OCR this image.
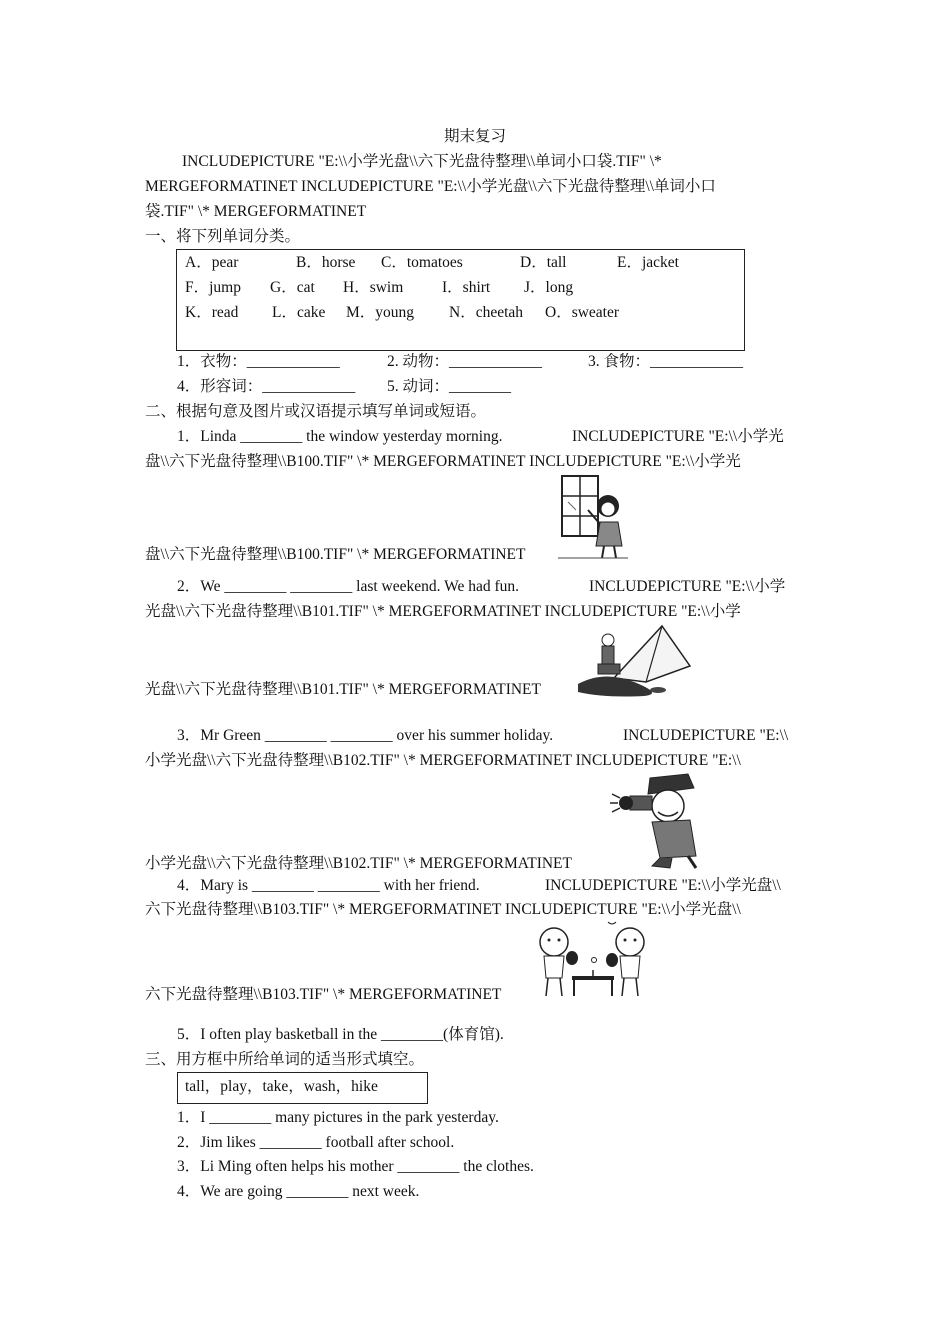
期末复习
INCLUDEPICTURE "E:\\小学光盘\\六下光盘待整理\\单词小口袋.TIF" \*
MERGEFORMATINET INCLUDEPICTURE "E:\\小学光盘\\六下光盘待整理\\单词小口
袋.TIF" \* MERGEFORMATINET
一、将下列单词分类。
A．pear	B．horse C．tomatoes	D．tall	E．jacket
F．jump G．cat H．swim I．shirt J．long
K．read L．cake M．young N．cheetah O．sweater
1．衣物：____________	2. 动物：____________	3. 食物：____________
4．形容词：____________ 5. 动词：________
二、根据句意及图片或汉语提示填写单词或短语。
1．Linda ________ the window yesterday morning.	INCLUDEPICTURE "E:\\小学光
盘\\六下光盘待整理\\B100.TIF" \* MERGEFORMATINET INCLUDEPICTURE "E:\\小学光
盘\\六下光盘待整理\\B100.TIF" \* MERGEFORMATINET
2．We ________ ________ last weekend. We had fun.	INCLUDEPICTURE "E:\\小学
光盘\\六下光盘待整理\\B101.TIF" \* MERGEFORMATINET INCLUDEPICTURE "E:\\小学
光盘\\六下光盘待整理\\B101.TIF" \* MERGEFORMATINET
3．Mr Green ________ ________ over his summer holiday.	INCLUDEPICTURE "E:\\
小学光盘\\六下光盘待整理\\B102.TIF" \* MERGEFORMATINET INCLUDEPICTURE "E:\\
小学光盘\\六下光盘待整理\\B102.TIF" \* MERGEFORMATINET
4．Mary is ________ ________ with her friend.	INCLUDEPICTURE "E:\\小学光盘\\
六下光盘待整理\\B103.TIF" \* MERGEFORMATINET INCLUDEPICTURE "E:\\小学光盘\\
六下光盘待整理\\B103.TIF" \* MERGEFORMATINET
5．I often play basketball in the ________(体育馆).
三、用方框中所给单词的适当形式填空。
tall，play，take，wash，hike
1．I ________ many pictures in the park yesterday.
2．Jim likes ________ football after school.
3．Li Ming often helps his mother ________ the clothes.
4．We are going ________ next week.
